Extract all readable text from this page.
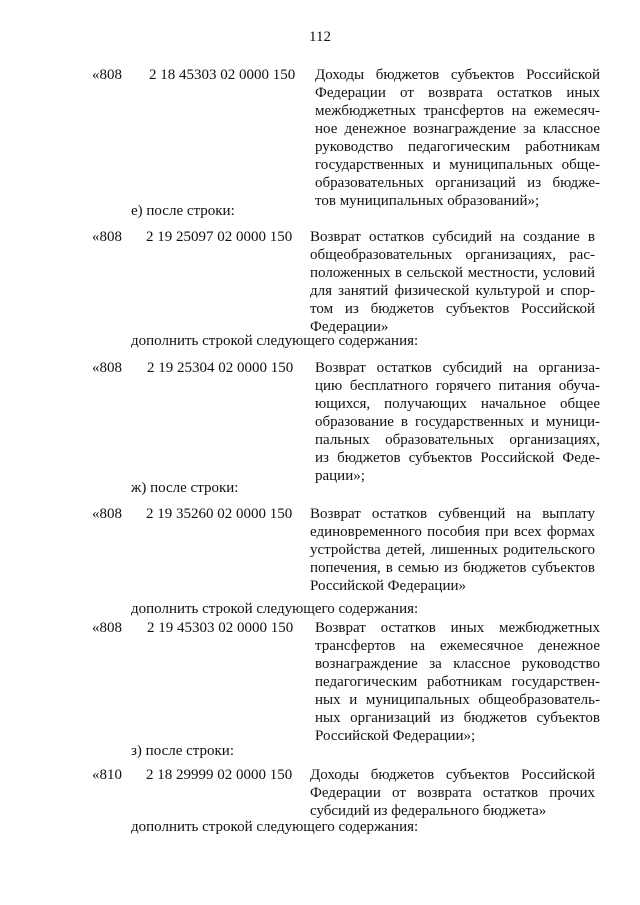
112
«808 2 18 45303 02 0000 150 Доходы бюджетов субъектов Российской
Федерации от возврата остатков иных
межбюджетных трансфертов на ежемесяч-
ное денежное вознаграждение за классное
руководство педагогическим работникам
государственных и муниципальных обще-
образовательных организаций из бюдже-
тов муниципальных образований»;
е) после строки:
«808 2 19 25097 02 0000 150 Возврат остатков субсидий на создание в
общеобразовательных организациях, рас-
положенных в сельской местности, условий
для занятий физической культурой и спор-
том из бюджетов субъектов Российской
Федерации»
дополнить строкой следующего содержания:
«808 2 19 25304 02 0000 150 Возврат остатков субсидий на организа-
цию бесплатного горячего питания обуча-
ющихся, получающих начальное общее
образование в государственных и муници-
пальных образовательных организациях,
из бюджетов субъектов Российской Феде-
рации»;
ж) после строки:
«808 2 19 35260 02 0000 150 Возврат остатков субвенций на выплату
единовременного пособия при всех формах
устройства детей, лишенных родительского
попечения, в семью из бюджетов субъектов
Российской Федерации»
дополнить строкой следующего содержания:
«808 2 19 45303 02 0000 150 Возврат остатков иных межбюджетных
трансфертов на ежемесячное денежное
вознаграждение за классное руководство
педагогическим работникам государствен-
ных и муниципальных общеобразователь-
ных организаций из бюджетов субъектов
Российской Федерации»;
з) после строки:
«810 2 18 29999 02 0000 150 Доходы бюджетов субъектов Российской
Федерации от возврата остатков прочих
субсидий из федерального бюджета»
дополнить строкой следующего содержания:
